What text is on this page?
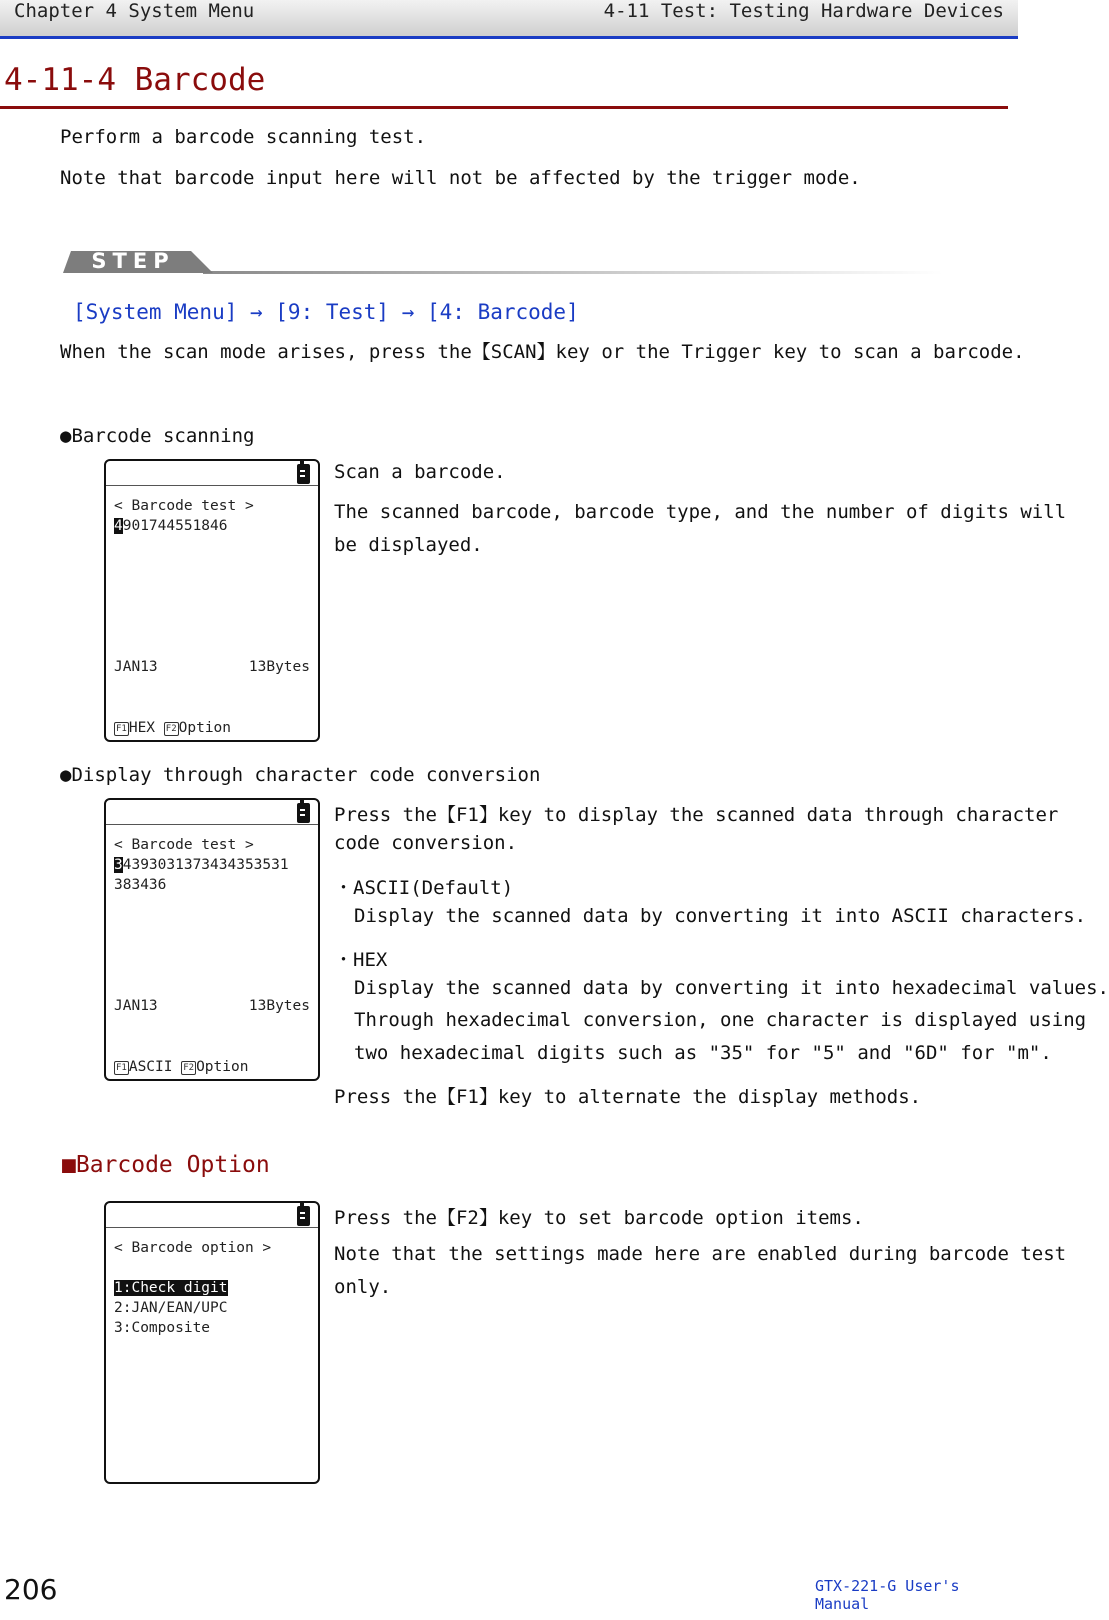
Chapter 4 System Menu	4-11 Test: Testing Hardware Devices
4-11-4 Barcode
Perform a barcode scanning test.
Note that barcode input here will not be affected by the trigger mode.
STEP
[System Menu] → [9: Test] → [4: Barcode]
When the scan mode arises, press the【SCAN】key or the Trigger key to scan a barcode.
●Barcode scanning
< Barcode test >
4901744551846
JAN13	13Bytes
F1 HEX F2 Option
Scan a barcode.
The scanned barcode, barcode type, and the number of digits will
be displayed.
●Display through character code conversion
< Barcode test >
34393031373434353531
383436
JAN13	13Bytes
F1 ASCII F2 Option
Press the【F1】key to display the scanned data through character
code conversion.
・ASCII(Default)
Display the scanned data by converting it into ASCII characters.
・HEX
Display the scanned data by converting it into hexadecimal values.
Through hexadecimal conversion, one character is displayed using
two hexadecimal digits such as "35" for "5" and "6D" for "m".
Press the【F1】key to alternate the display methods.
■Barcode Option
< Barcode option >
1:Check digit
2:JAN/EAN/UPC
3:Composite
Press the【F2】key to set barcode option items.
Note that the settings made here are enabled during barcode test
only.
206	GTX-221-G User's Manual
